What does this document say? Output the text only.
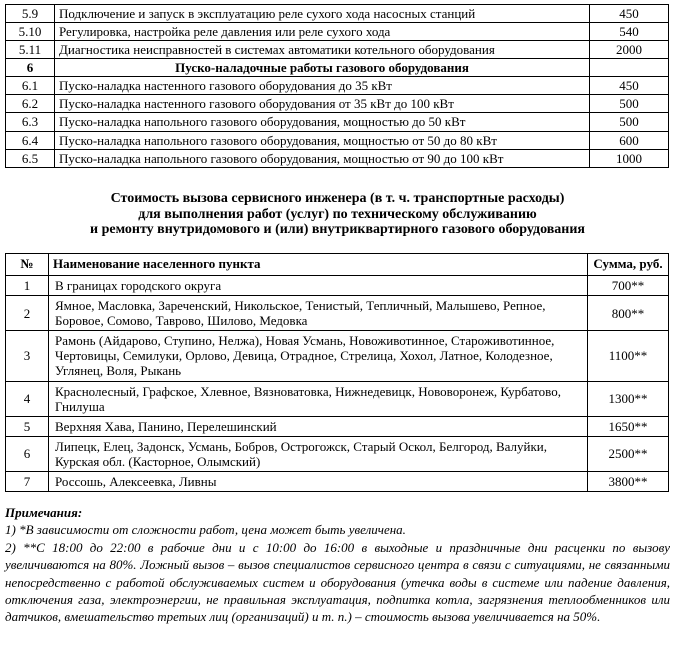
5.9	Подключение и запуск в эксплуатацию реле сухого хода насосных станций	450
5.10	Регулировка, настройка реле давления или реле сухого хода	540
5.11	Диагностика неисправностей в системах автоматики котельного оборудования	2000
6	Пуско-наладочные работы газового оборудования	
6.1	Пуско-наладка настенного газового оборудования до 35 кВт	450
6.2	Пуско-наладка настенного газового оборудования от 35 кВт до 100 кВт	500
6.3	Пуско-наладка напольного газового оборудования, мощностью до 50 кВт	500
6.4	Пуско-наладка напольного газового оборудования, мощностью от 50 до 80 кВт	600
6.5	Пуско-наладка напольного газового оборудования, мощностью от 90 до 100 кВт	1000
Стоимость вызова сервисного инженера (в т. ч. транспортные расходы)
для выполнения работ (услуг) по техническому обслуживанию
и ремонту внутридомового и (или) внутриквартирного газового оборудования
№	Наименование населенного пункта	Сумма, руб.
1	В границах городского округа	700**
2	Ямное, Масловка, Зареченский, Никольское, Тенистый, Тепличный, Малышево, Репное, Боровое, Сомово, Таврово, Шилово, Медовка	800**
3	Рамонь (Айдарово, Ступино, Нелжа), Новая Усмань, Новоживотинное, Староживотинное, Чертовицы, Семилуки, Орлово, Девица, Отрадное, Стрелица, Хохол, Латное, Колодезное, Углянец, Воля, Рыкань	1100**
4	Краснолесный, Графское, Хлевное, Вязноватовка, Нижнедевицк, Нововоронеж, Курбатово, Гнилуша	1300**
5	Верхняя Хава, Панино, Перелешинский	1650**
6	Липецк, Елец, Задонск, Усмань, Бобров, Острогожск, Старый Оскол, Белгород, Валуйки, Курская обл. (Касторное, Олымский)	2500**
7	Россошь, Алексеевка, Ливны	3800**
Примечания:
1) *В зависимости от сложности работ, цена может быть увеличена.
2) **С 18:00 до 22:00 в рабочие дни и с 10:00 до 16:00 в выходные и праздничные дни расценки по вызову увеличиваются на 80%. Ложный вызов – вызов специалистов сервисного центра в связи с ситуациями, не связанными непосредственно с работой обслуживаемых систем и оборудования (утечка воды в системе или падение давления, отключения газа, электроэнергии, не правильная эксплуатация, подпитка котла, загрязнения теплообменников или датчиков, вмешательство третьих лиц (организаций) и т. п.) – стоимость вызова увеличивается на 50%.
